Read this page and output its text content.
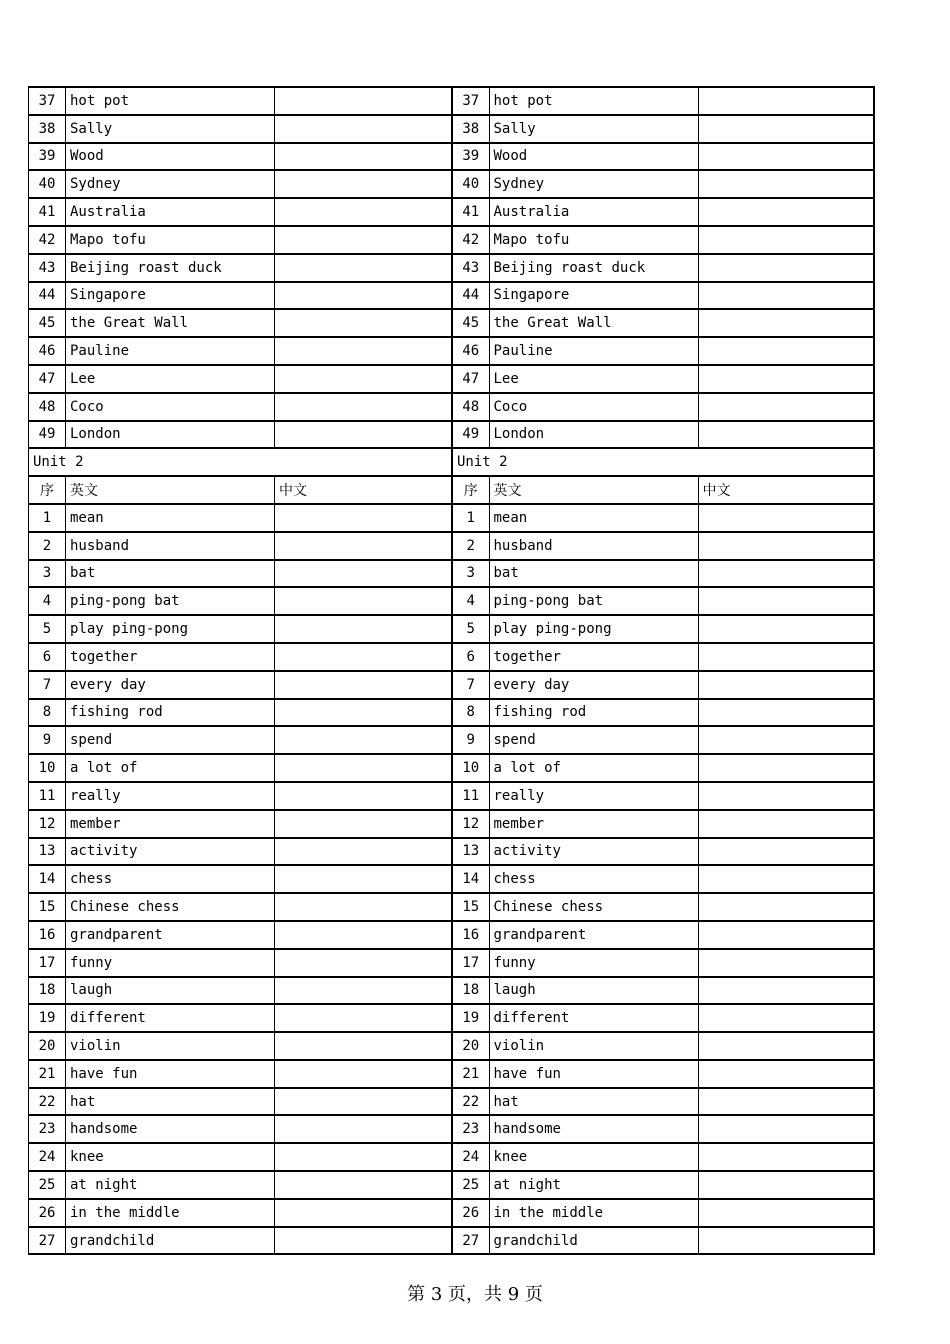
37	hot pot	
38	Sally	
39	Wood	
40	Sydney	
41	Australia	
42	Mapo tofu	
43	Beijing roast duck	
44	Singapore	
45	the Great Wall	
46	Pauline	
47	Lee	
48	Coco	
49	London	
Unit 2		
序	英文	中文
1	mean	
2	husband	
3	bat	
4	ping-pong bat	
5	play ping-pong	
6	together	
7	every day	
8	fishing rod	
9	spend	
10	a lot of	
11	really	
12	member	
13	activity	
14	chess	
15	Chinese chess	
16	grandparent	
17	funny	
18	laugh	
19	different	
20	violin	
21	have fun	
22	hat	
23	handsome	
24	knee	
25	at night	
26	in the middle	
27	grandchild	
37	hot pot	
38	Sally	
39	Wood	
40	Sydney	
41	Australia	
42	Mapo tofu	
43	Beijing roast duck	
44	Singapore	
45	the Great Wall	
46	Pauline	
47	Lee	
48	Coco	
49	London	
Unit 2		
序	英文	中文
1	mean	
2	husband	
3	bat	
4	ping-pong bat	
5	play ping-pong	
6	together	
7	every day	
8	fishing rod	
9	spend	
10	a lot of	
11	really	
12	member	
13	activity	
14	chess	
15	Chinese chess	
16	grandparent	
17	funny	
18	laugh	
19	different	
20	violin	
21	have fun	
22	hat	
23	handsome	
24	knee	
25	at night	
26	in the middle	
27	grandchild	
第 3 页，共 9 页
